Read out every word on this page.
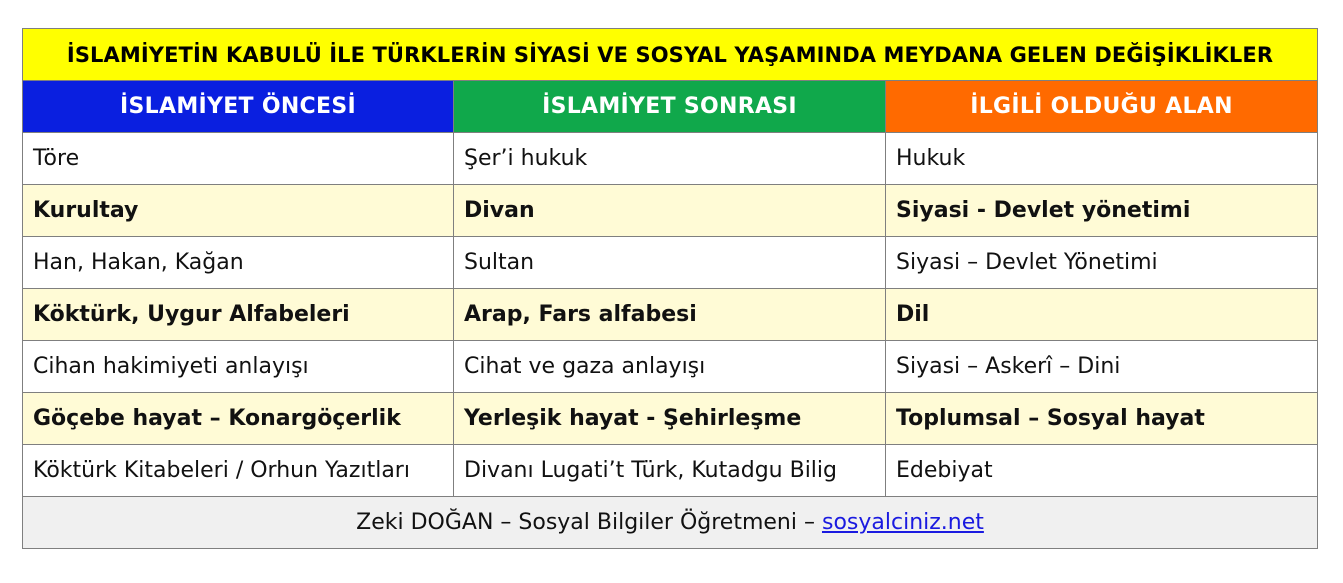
İSLAMİYETİN KABULÜ İLE TÜRKLERİN SİYASİ VE SOSYAL YAŞAMINDA MEYDANA GELEN DEĞİŞİKLİKLER		
İSLAMİYET ÖNCESİ	İSLAMİYET SONRASI	İLGİLİ OLDUĞU ALAN
Töre	Şer’i hukuk	Hukuk
Kurultay	Divan	Siyasi - Devlet yönetimi
Han, Hakan, Kağan	Sultan	Siyasi – Devlet Yönetimi
Köktürk, Uygur Alfabeleri	Arap, Fars alfabesi	Dil
Cihan hakimiyeti anlayışı	Cihat ve gaza anlayışı	Siyasi – Askerî – Dini
Göçebe hayat – Konargöçerlik	Yerleşik hayat - Şehirleşme	Toplumsal – Sosyal hayat
Köktürk Kitabeleri / Orhun Yazıtları	Divanı Lugati’t Türk, Kutadgu Bilig	Edebiyat
Zeki DOĞAN – Sosyal Bilgiler Öğretmeni – sosyalciniz.net		
